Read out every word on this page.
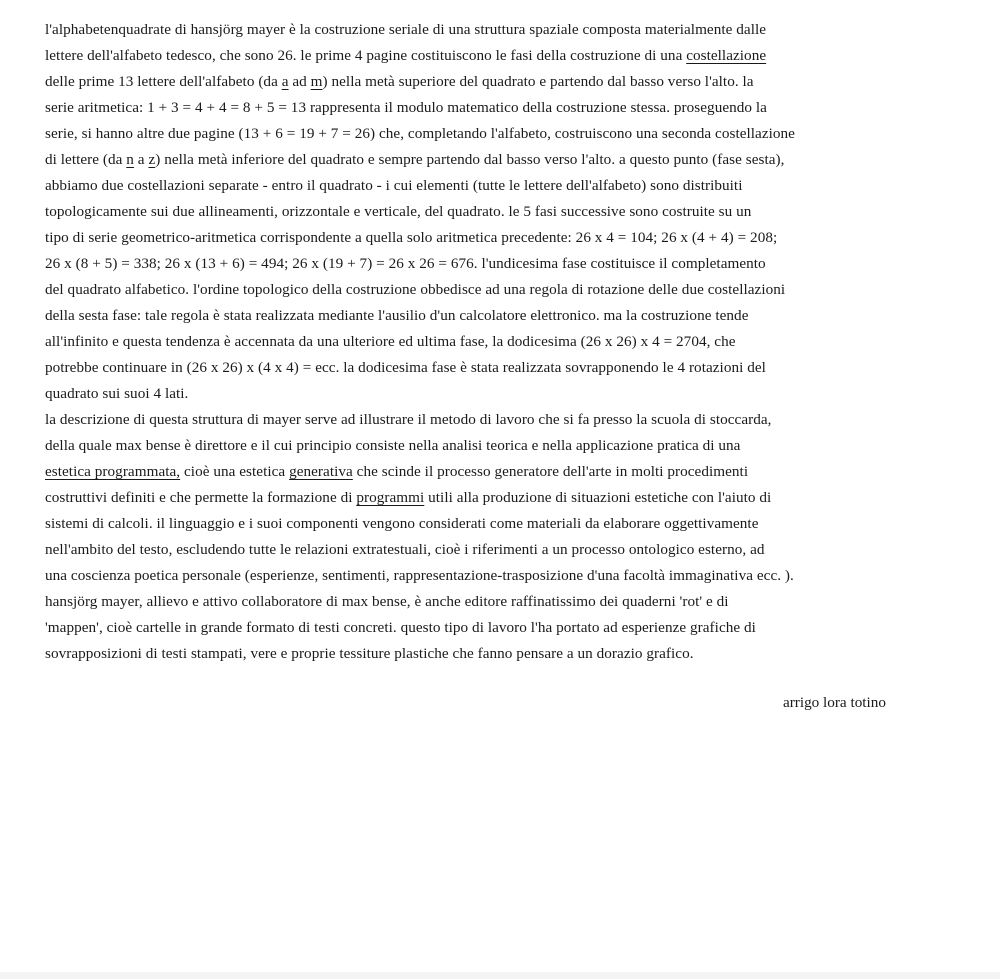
l'alphabetenquadrate di hansjörg mayer è la costruzione seriale di una struttura spaziale composta materialmente dalle
lettere dell'alfabeto tedesco, che sono 26. le prime 4 pagine costituiscono le fasi della costruzione di una costellazione
delle prime 13 lettere dell'alfabeto (da a ad m) nella metà superiore del quadrato e partendo dal basso verso l'alto. la
serie aritmetica: 1 + 3 = 4 + 4 = 8 + 5 = 13 rappresenta il modulo matematico della costruzione stessa. proseguendo la
serie, si hanno altre due pagine (13 + 6 = 19 + 7 = 26) che, completando l'alfabeto, costruiscono una seconda costellazione
di lettere (da n a z) nella metà inferiore del quadrato e sempre partendo dal basso verso l'alto. a questo punto (fase sesta),
abbiamo due costellazioni separate - entro il quadrato - i cui elementi (tutte le lettere dell'alfabeto) sono distribuiti
topologicamente sui due allineamenti, orizzontale e verticale, del quadrato. le 5 fasi successive sono costruite su un
tipo di serie geometrico-aritmetica corrispondente a quella solo aritmetica precedente: 26 x 4 = 104; 26 x (4 + 4) = 208;
26 x (8 + 5) = 338; 26 x (13 + 6) = 494; 26 x (19 + 7) = 26 x 26 = 676. l'undicesima fase costituisce il completamento
del quadrato alfabetico. l'ordine topologico della costruzione obbedisce ad una regola di rotazione delle due costellazioni
della sesta fase: tale regola è stata realizzata mediante l'ausilio d'un calcolatore elettronico. ma la costruzione tende
all'infinito e questa tendenza è accennata da una ulteriore ed ultima fase, la dodicesima (26 x 26) x 4 = 2704, che
potrebbe continuare in (26 x 26) x (4 x 4) = ecc. la dodicesima fase è stata realizzata sovrapponendo le 4 rotazioni del
quadrato sui suoi 4 lati.
la descrizione di questa struttura di mayer serve ad illustrare il metodo di lavoro che si fa presso la scuola di stoccarda,
della quale max bense è direttore e il cui principio consiste nella analisi teorica e nella applicazione pratica di una
estetica programmata, cioè una estetica generativa che scinde il processo generatore dell'arte in molti procedimenti
costruttivi definiti e che permette la formazione di programmi utili alla produzione di situazioni estetiche con l'aiuto di
sistemi di calcoli. il linguaggio e i suoi componenti vengono considerati come materiali da elaborare oggettivamente
nell'ambito del testo, escludendo tutte le relazioni extratestuali, cioè i riferimenti a un processo ontologico esterno, ad
una coscienza poetica personale (esperienze, sentimenti, rappresentazione-trasposizione d'una facoltà immaginativa ecc. ).
hansjörg mayer, allievo e attivo collaboratore di max bense, è anche editore raffinatissimo dei quaderni 'rot' e di
'mappen', cioè cartelle in grande formato di testi concreti. questo tipo di lavoro l'ha portato ad esperienze grafiche di
sovrapposizioni di testi stampati, vere e proprie tessiture plastiche che fanno pensare a un dorazio grafico.
arrigo lora totino
